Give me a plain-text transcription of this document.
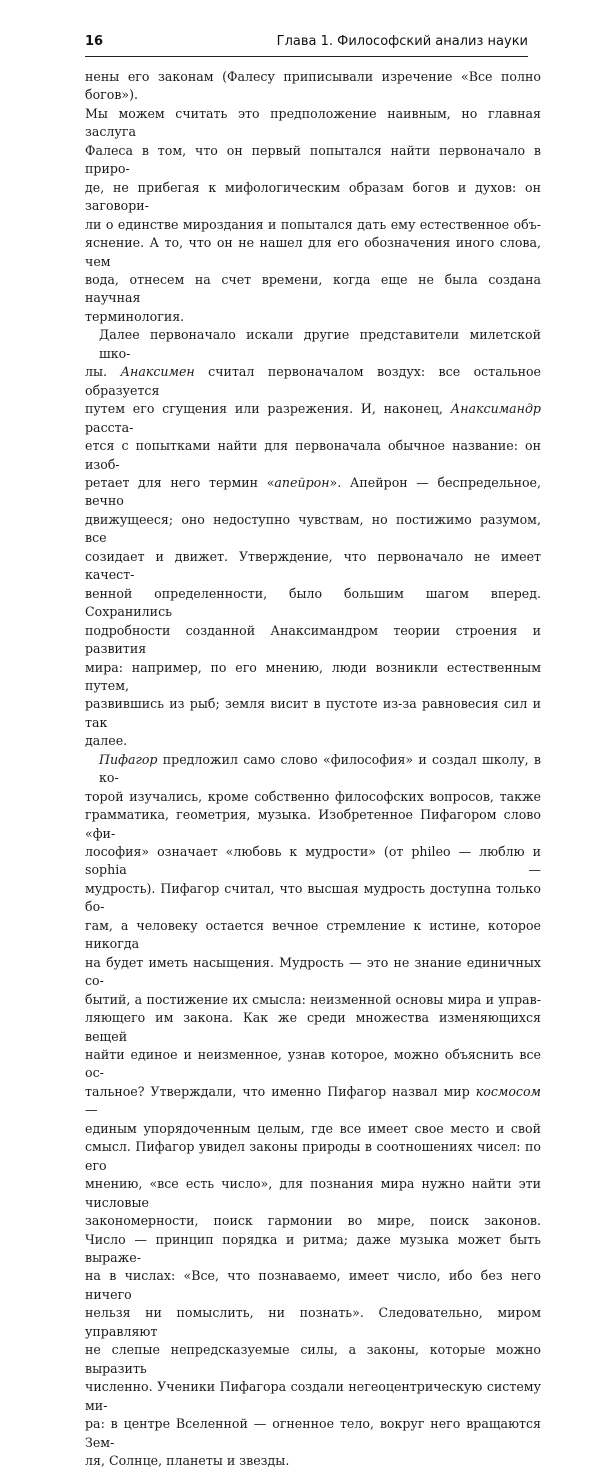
16	Глава 1. Философский анализ науки

нены его законам (Фалесу приписывали изречение «Все полно богов»).
Мы можем считать это предположение наивным, но главная заслуга
Фалеса в том, что он первый попытался найти первоначало в приро-
де, не прибегая к мифологическим образам богов и духов: он заговори-
ли о единстве мироздания и попытался дать ему естественное объ-
яснение. А то, что он не нашел для его обозначения иного слова, чем
вода, отнесем на счет времени, когда еще не была создана научная
терминология.

Далее первоначало искали другие представители милетской шко-
лы. Анаксимен считал первоначалом воздух: все остальное образуется
путем его сгущения или разрежения. И, наконец, Анаксимандр расста-
ется с попытками найти для первоначала обычное название: он изоб-
ретает для него термин «апейрон». Апейрон — беспредельное, вечно
движущееся; оно недоступно чувствам, но постижимо разумом, все
созидает и движет. Утверждение, что первоначало не имеет качест-
венной определенности, было большим шагом вперед. Сохранились
подробности созданной Анаксимандром теории строения и развития
мира: например, по его мнению, люди возникли естественным путем,
развившись из рыб; земля висит в пустоте из-за равновесия сил и так
далее.

Пифагор предложил само слово «философия» и создал школу, в ко-
торой изучались, кроме собственно философских вопросов, также
грамматика, геометрия, музыка. Изобретенное Пифагором слово «фи-
лософия» означает «любовь к мудрости» (от phileo — люблю и sophia —
мудрость). Пифагор считал, что высшая мудрость доступна только бо-
гам, а человеку остается вечное стремление к истине, которое никогда
на будет иметь насыщения. Мудрость — это не знание единичных со-
бытий, а постижение их смысла: неизменной основы мира и управ-
ляющего им закона. Как же среди множества изменяющихся вещей
найти единое и неизменное, узнав которое, можно объяснить все ос-
тальное? Утверждали, что именно Пифагор назвал мир космосом —
единым упорядоченным целым, где все имеет свое место и свой
смысл. Пифагор увидел законы природы в соотношениях чисел: по его
мнению, «все есть число», для познания мира нужно найти эти числовые
закономерности, поиск гармонии во мире, поиск законов.
Число — принцип порядка и ритма; даже музыка может быть выраже-
на в числах: «Все, что познаваемо, имеет число, ибо без него ничего
нельзя ни помыслить, ни познать». Следовательно, миром управляют
не слепые непредсказуемые силы, а законы, которые можно выразить
численно. Ученики Пифагора создали негеоцентрическую систему ми-
ра: в центре Вселенной — огненное тело, вокруг него вращаются Зем-
ля, Солнце, планеты и звезды.
